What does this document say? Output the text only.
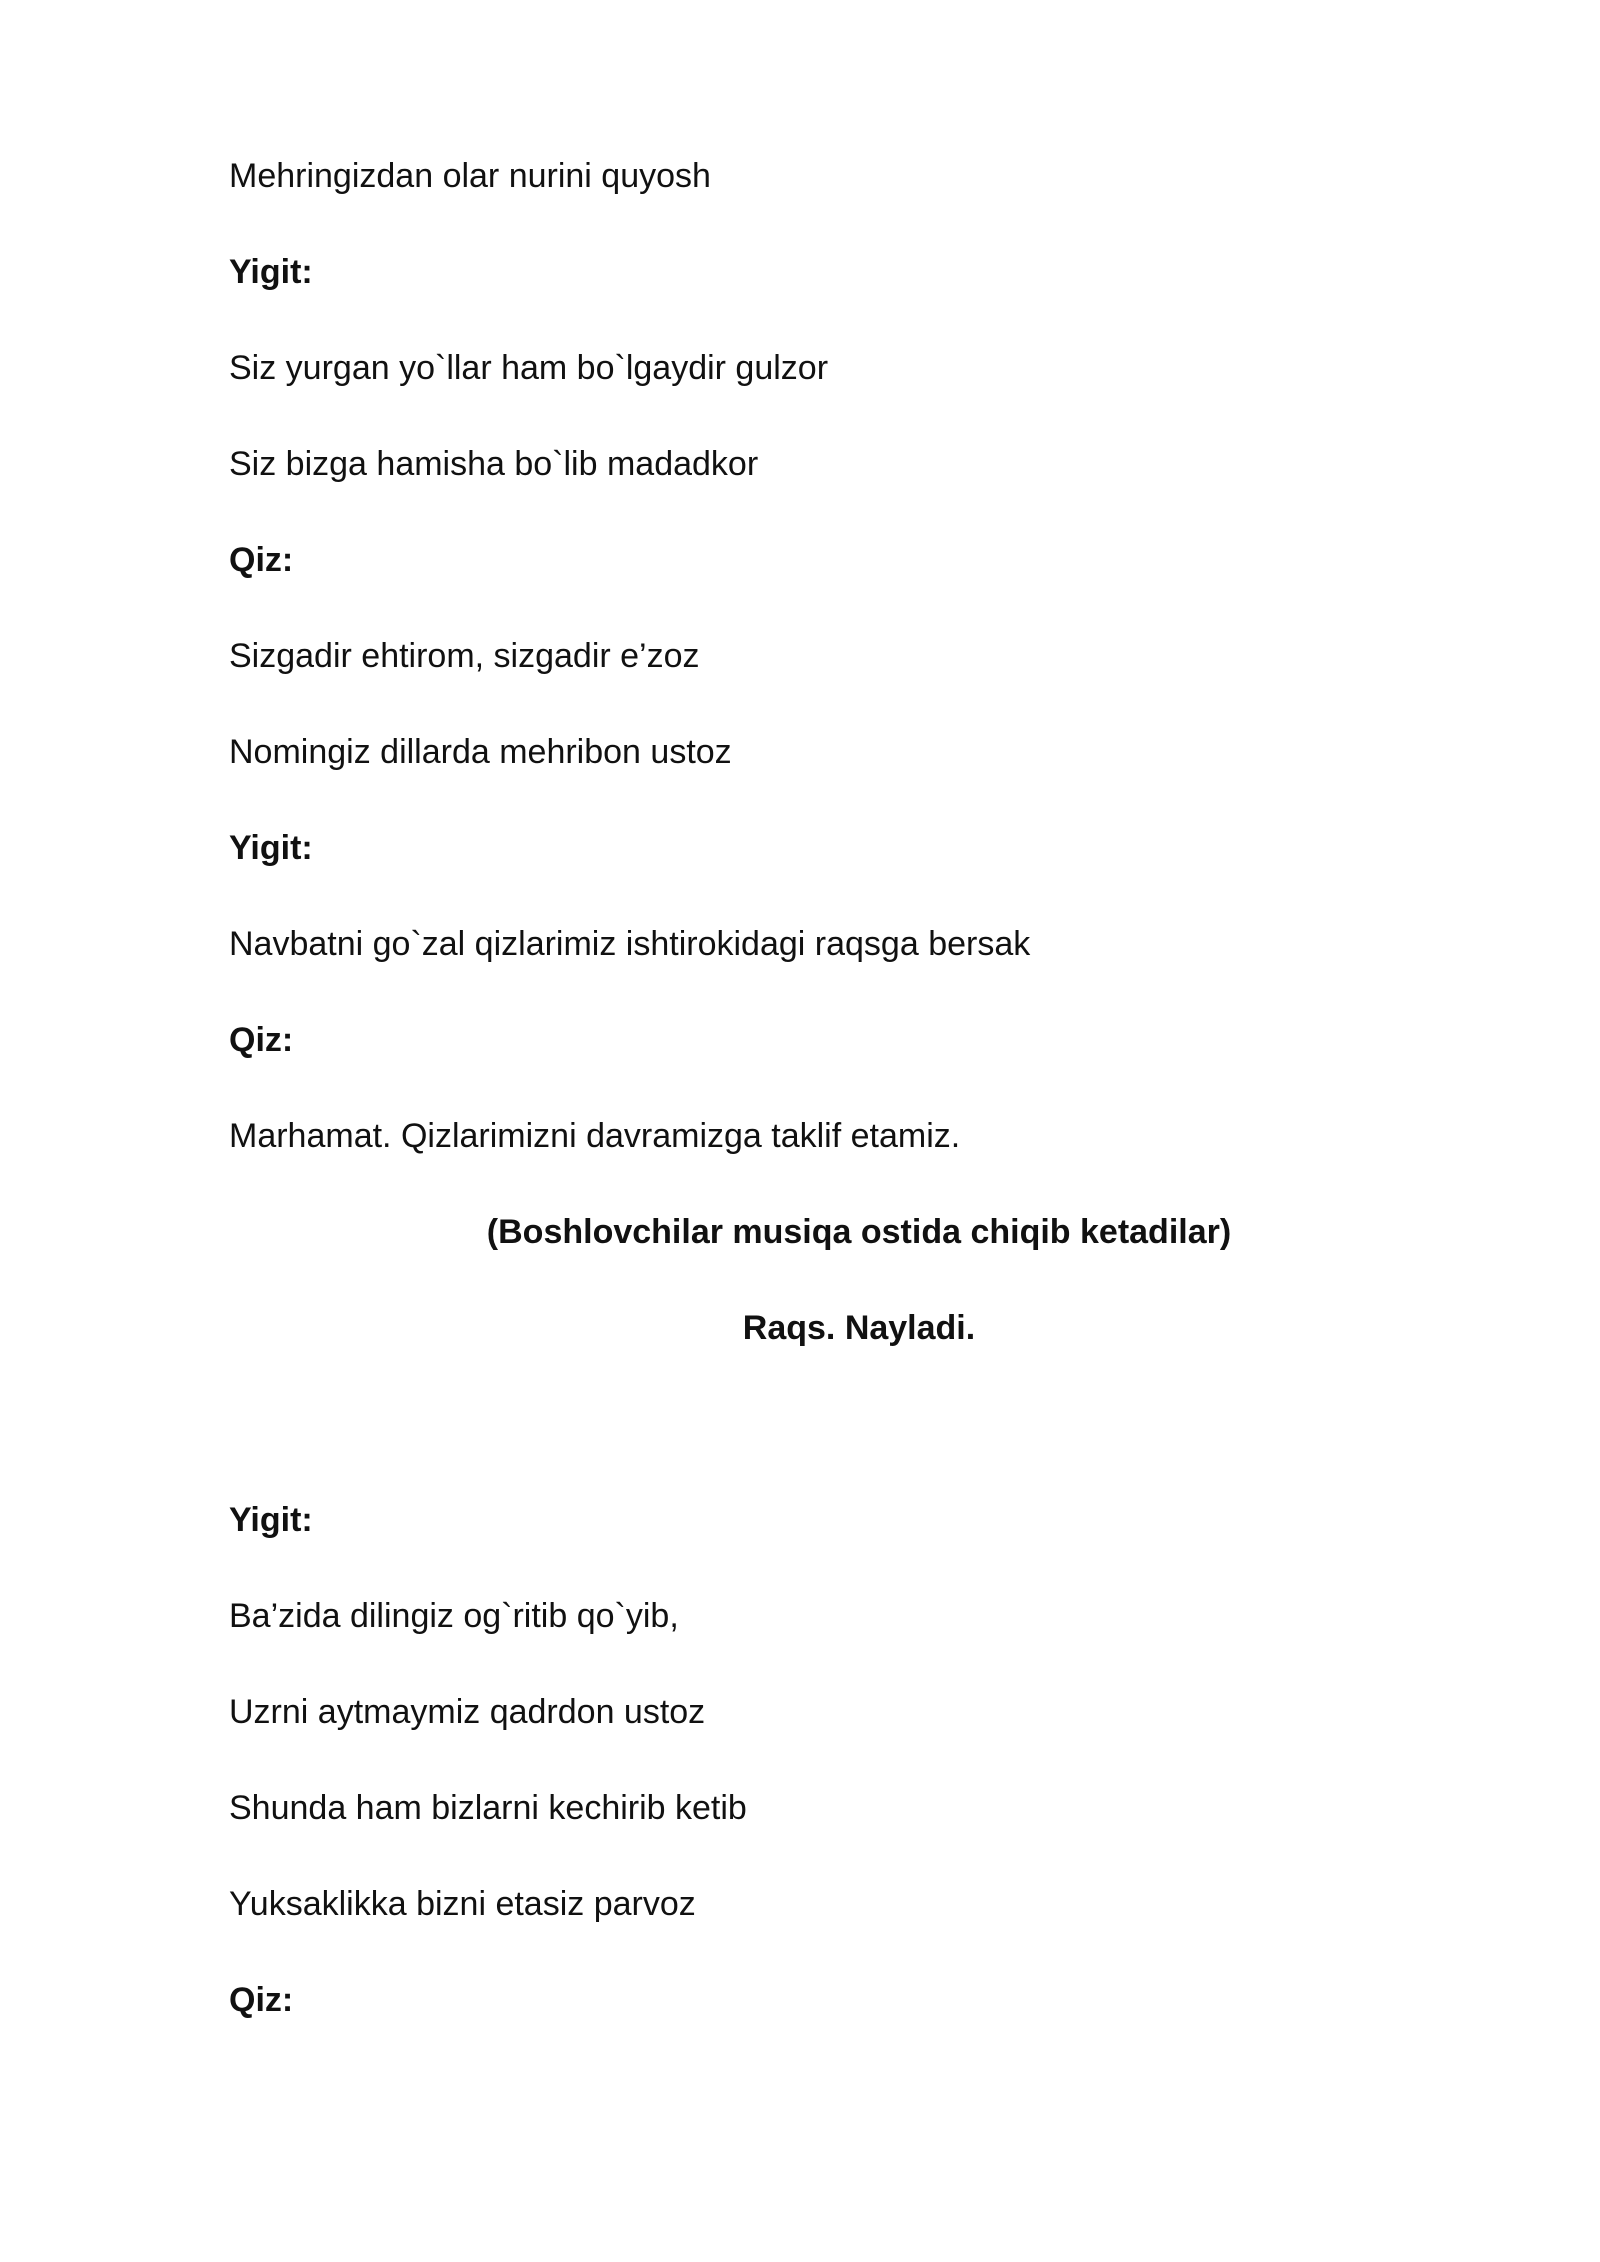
Mehringizdan olar nurini quyosh
Yigit:
Siz yurgan yo`llar ham bo`lgaydir gulzor
Siz bizga hamisha bo`lib madadkor
Qiz:
Sizgadir ehtirom, sizgadir e’zoz
Nomingiz dillarda mehribon ustoz
Yigit:
Navbatni go`zal qizlarimiz ishtirokidagi raqsga bersak
Qiz:
Marhamat. Qizlarimizni davramizga taklif etamiz.
(Boshlovchilar musiqa ostida chiqib ketadilar)
Raqs. Nayladi.
Yigit:
Ba’zida dilingiz og`ritib qo`yib,
Uzrni aytmaymiz qadrdon ustoz
Shunda ham bizlarni kechirib ketib
Yuksaklikka bizni etasiz parvoz
Qiz:
